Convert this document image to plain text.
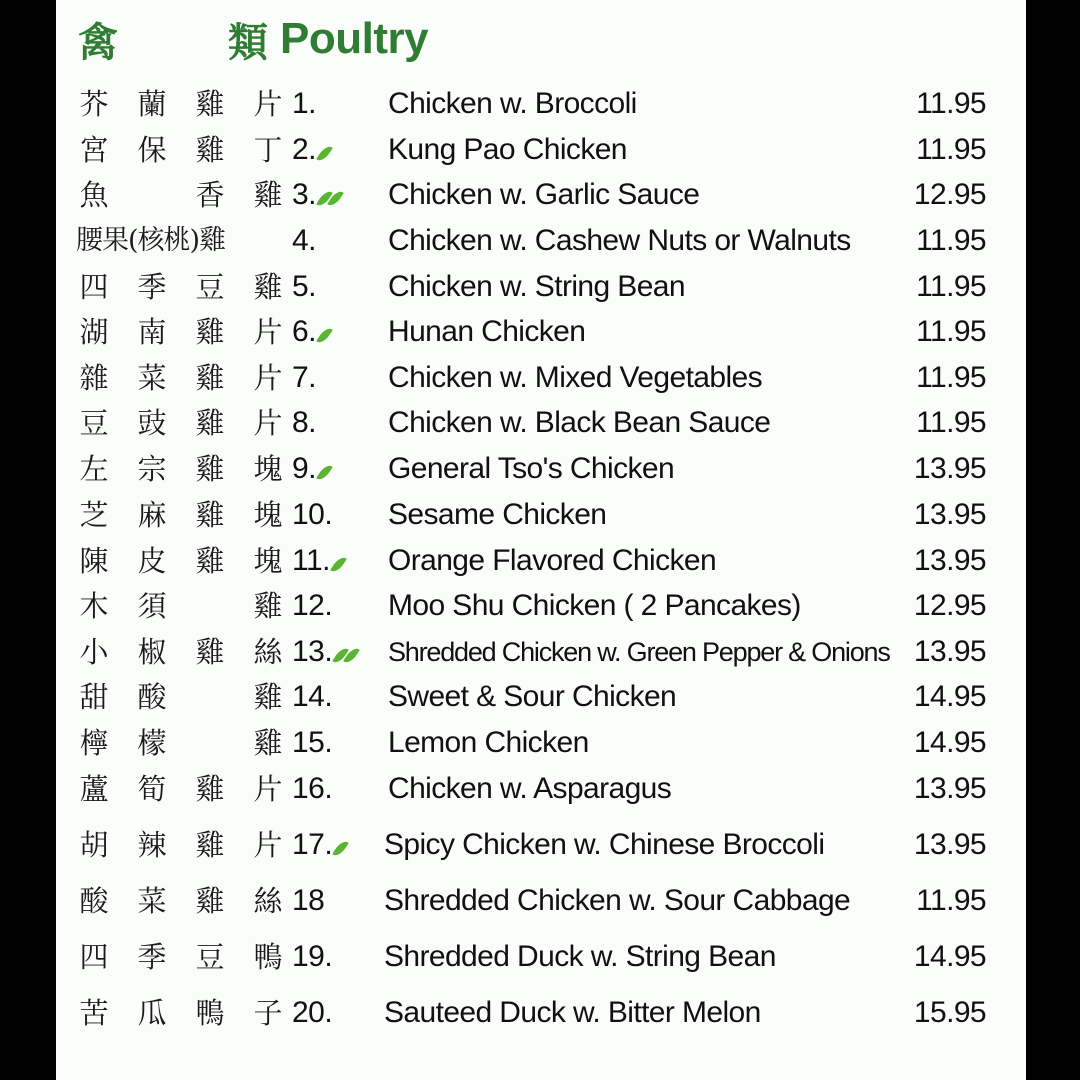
禽	類 Poultry
芥 蘭 雞 片 1. Chicken w. Broccoli	11.95
宮 保 雞 丁 2. Kung Pao Chicken	11.95
魚	香 雞 3. Chicken w. Garlic Sauce	12.95
腰果(核桃)雞 4. Chicken w. Cashew Nuts or Walnuts 11.95
四 季 豆 雞 5. Chicken w. String Bean	11.95
湖 南 雞 片 6. Hunan Chicken	11.95
雜 菜 雞 片 7. Chicken w. Mixed Vegetables	11.95
豆 豉 雞 片 8. Chicken w. Black Bean Sauce	11.95
左 宗 雞 塊 9. General Tso's Chicken	13.95
芝 麻 雞 塊 10. Sesame Chicken	13.95
陳 皮 雞 塊 11. Orange Flavored Chicken	13.95
木 須	雞 12. Moo Shu Chicken ( 2 Pancakes)	12.95
小 椒 雞 絲 13. Shredded Chicken w. Green Pepper & Onions 13.95
甜 酸	雞 14. Sweet & Sour Chicken	14.95
檸 檬	雞 15. Lemon Chicken	14.95
蘆 筍 雞 片 16. Chicken w. Asparagus	13.95
胡 辣 雞 片 17. Spicy Chicken w. Chinese Broccoli	13.95
酸 菜 雞 絲 18 Shredded Chicken w. Sour Cabbage 11.95
四 季 豆 鴨 19. Shredded Duck w. String Bean	14.95
苦 瓜 鴨 子 20. Sauteed Duck w. Bitter Melon	15.95
